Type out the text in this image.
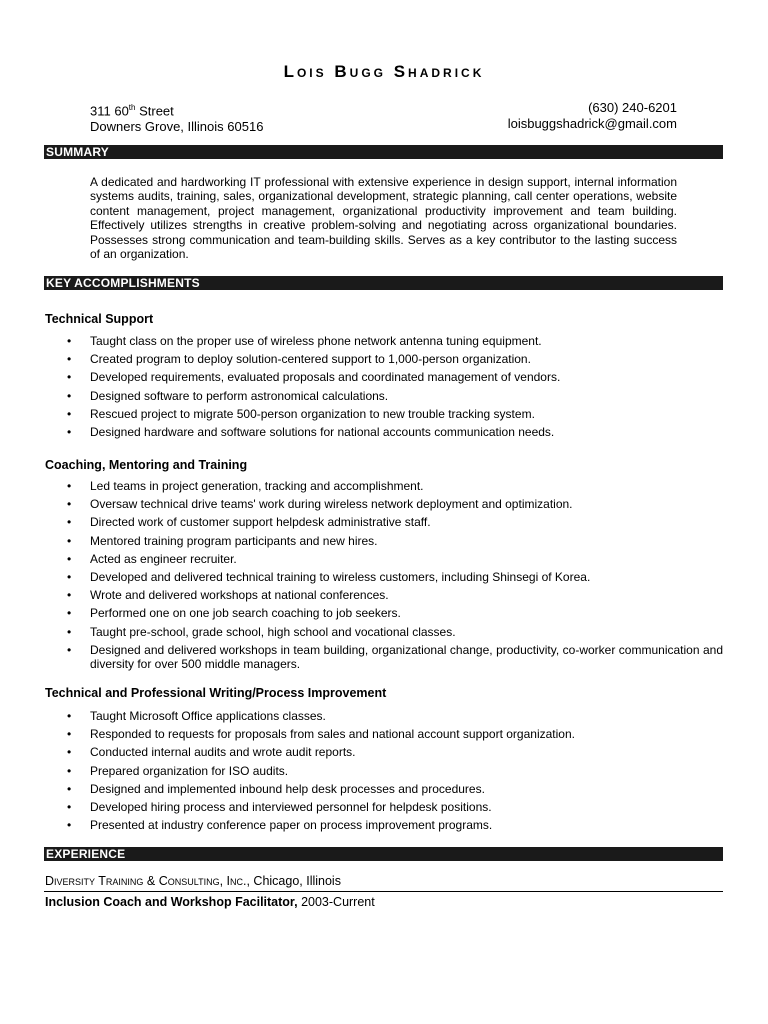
Lois Bugg Shadrick
311 60th Street
Downers Grove, Illinois 60516
(630) 240-6201
loisbuggshadrick@gmail.com
SUMMARY
A dedicated and hardworking IT professional with extensive experience in design support, internal information systems audits, training, sales, organizational development, strategic planning, call center operations, website content management, project management, organizational productivity improvement and team building. Effectively utilizes strengths in creative problem-solving and negotiating across organizational boundaries. Possesses strong communication and team-building skills. Serves as a key contributor to the lasting success of an organization.
KEY ACCOMPLISHMENTS
Technical Support
• Taught class on the proper use of wireless phone network antenna tuning equipment.
• Created program to deploy solution-centered support to 1,000-person organization.
• Developed requirements, evaluated proposals and coordinated management of vendors.
• Designed software to perform astronomical calculations.
• Rescued project to migrate 500-person organization to new trouble tracking system.
• Designed hardware and software solutions for national accounts communication needs.
Coaching, Mentoring and Training
• Led teams in project generation, tracking and accomplishment.
• Oversaw technical drive teams' work during wireless network deployment and optimization.
• Directed work of customer support helpdesk administrative staff.
• Mentored training program participants and new hires.
• Acted as engineer recruiter.
• Developed and delivered technical training to wireless customers, including Shinsegi of Korea.
• Wrote and delivered workshops at national conferences.
• Performed one on one job search coaching to job seekers.
• Taught pre-school, grade school, high school and vocational classes.
• Designed and delivered workshops in team building, organizational change, productivity, co-worker communication and diversity for over 500 middle managers.
Technical and Professional Writing/Process Improvement
• Taught Microsoft Office applications classes.
• Responded to requests for proposals from sales and national account support organization.
• Conducted internal audits and wrote audit reports.
• Prepared organization for ISO audits.
• Designed and implemented inbound help desk processes and procedures.
• Developed hiring process and interviewed personnel for helpdesk positions.
• Presented at industry conference paper on process improvement programs.
EXPERIENCE
Diversity Training & Consulting, Inc., Chicago, Illinois
Inclusion Coach and Workshop Facilitator, 2003-Current
